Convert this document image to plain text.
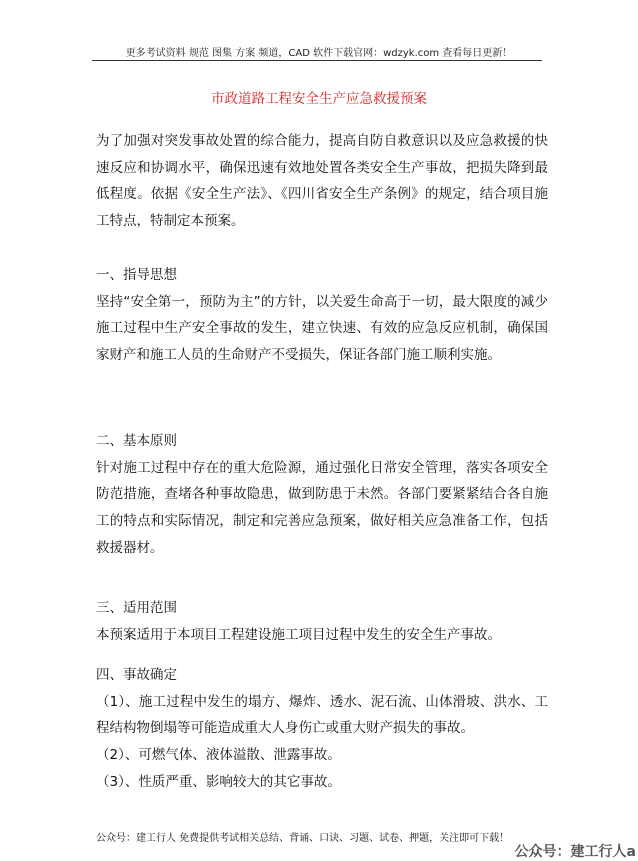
更多考试资料 规范 图集 方案 频道，CAD 软件下载官网：wdzyk.com 查看每日更新！
市政道路工程安全生产应急救援预案

为了加强对突发事故处置的综合能力，提高自防自救意识以及应急救援的快速反应和协调水平，确保迅速有效地处置各类安全生产事故，把损失降到最低程度。依据《安全生产法》、《四川省安全生产条例》的规定，结合项目施工特点，特制定本预案。

一、指导思想

坚持“安全第一，预防为主”的方针，以关爱生命高于一切，最大限度的减少施工过程中生产安全事故的发生，建立快速、有效的应急反应机制，确保国家财产和施工人员的生命财产不受损失，保证各部门施工顺利实施。

二、基本原则

针对施工过程中存在的重大危险源，通过强化日常安全管理，落实各项安全防范措施，查堵各种事故隐患，做到防患于未然。各部门要紧紧结合各自施工的特点和实际情况，制定和完善应急预案，做好相关应急准备工作，包括救援器材。

三、适用范围

本预案适用于本项目工程建设施工项目过程中发生的安全生产事故。

四、事故确定

（1）、施工过程中发生的塌方、爆炸、透水、泥石流、山体滑坡、洪水、工程结构物倒塌等可能造成重大人身伤亡或重大财产损失的事故。

（2）、可燃气体、液体溢散、泄露事故。

（3）、性质严重、影响较大的其它事故。

公众号：建工行人 免费提供考试相关总结、背诵、口诀、习题、试卷、押题，关注即可下载！
公众号：建工行人a
